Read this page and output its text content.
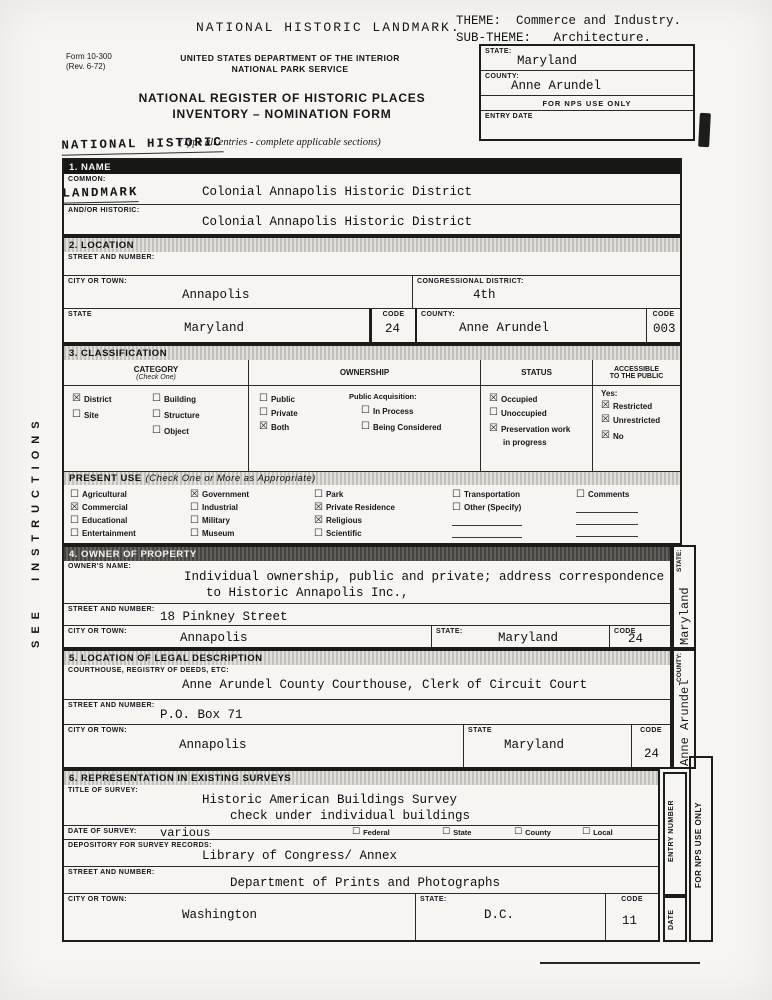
NATIONAL HISTORIC LANDMARK.
THEME:  Commerce and Industry.
SUB-THEME:   Architecture.
Form 10-300
(Rev. 6-72)
UNITED STATES DEPARTMENT OF THE INTERIOR
NATIONAL PARK SERVICE
NATIONAL REGISTER OF HISTORIC PLACES
INVENTORY – NOMINATION FORM

NATIONAL HISTORIC

LANDMARK

(Type all entries - complete applicable sections)
STATE:
Maryland
COUNTY:
Anne Arundel
FOR NPS USE ONLY
ENTRY DATE
SEE INSTRUCTIONS
1. NAME
COMMON:
Colonial Annapolis Historic District
AND/OR HISTORIC:
Colonial Annapolis Historic District
2. LOCATION
STREET AND NUMBER:
CITY OR TOWN:
Annapolis
CONGRESSIONAL DISTRICT:
4th
STATE
Maryland
CODE
24
COUNTY:
Anne Arundel
CODE
003
3. CLASSIFICATION
CATEGORY
(Check One)
☒ District	☐ Building
☐ Site	☐ Structure
☐ Object
OWNERSHIP
☐ Public
☐ Private
☒ Both
Public Acquisition:
☐ In Process
☐ Being Considered
STATUS
☒ Occupied
☐ Unoccupied
☒ Preservation work
in progress
ACCESSIBLE
TO THE PUBLIC
Yes:
☒ Restricted
☒ Unrestricted
☒ No
PRESENT USE (Check One or More as Appropriate)
☐ Agricultural
☒ Commercial
☐ Educational
☐ Entertainment
☒ Government
☐ Industrial
☐ Military
☐ Museum
☐ Park
☒ Private Residence
☒ Religious
☐ Scientific
☐ Transportation
☐ Other (Specify)
☐ Comments
4. OWNER OF PROPERTY
OWNER'S NAME:
Individual ownership, public and private; address correspondence
to Historic Annapolis Inc.,
STREET AND NUMBER:
18 Pinkney Street
CITY OR TOWN:	Annapolis	STATE:	Maryland	CODE
24
STATE:
Maryland
5. LOCATION OF LEGAL DESCRIPTION
COURTHOUSE, REGISTRY OF DEEDS, ETC:
Anne Arundel County Courthouse, Clerk of Circuit Court
STREET AND NUMBER:
P.O. Box 71
CITY OR TOWN:
Annapolis
STATE
Maryland
CODE
24
COUNTY:
Anne Arundel
6. REPRESENTATION IN EXISTING SURVEYS
TITLE OF SURVEY:
Historic American Buildings Survey
check under individual buildings
DATE OF SURVEY: various	☐ Federal	☐ State	☐ County	☐ Local
DEPOSITORY FOR SURVEY RECORDS:
Library of Congress/ Annex
STREET AND NUMBER:
Department of Prints and Photographs
CITY OR TOWN:
Washington
STATE:
D.C.
CODE
11
ENTRY NUMBER
DATE
FOR NPS USE ONLY
